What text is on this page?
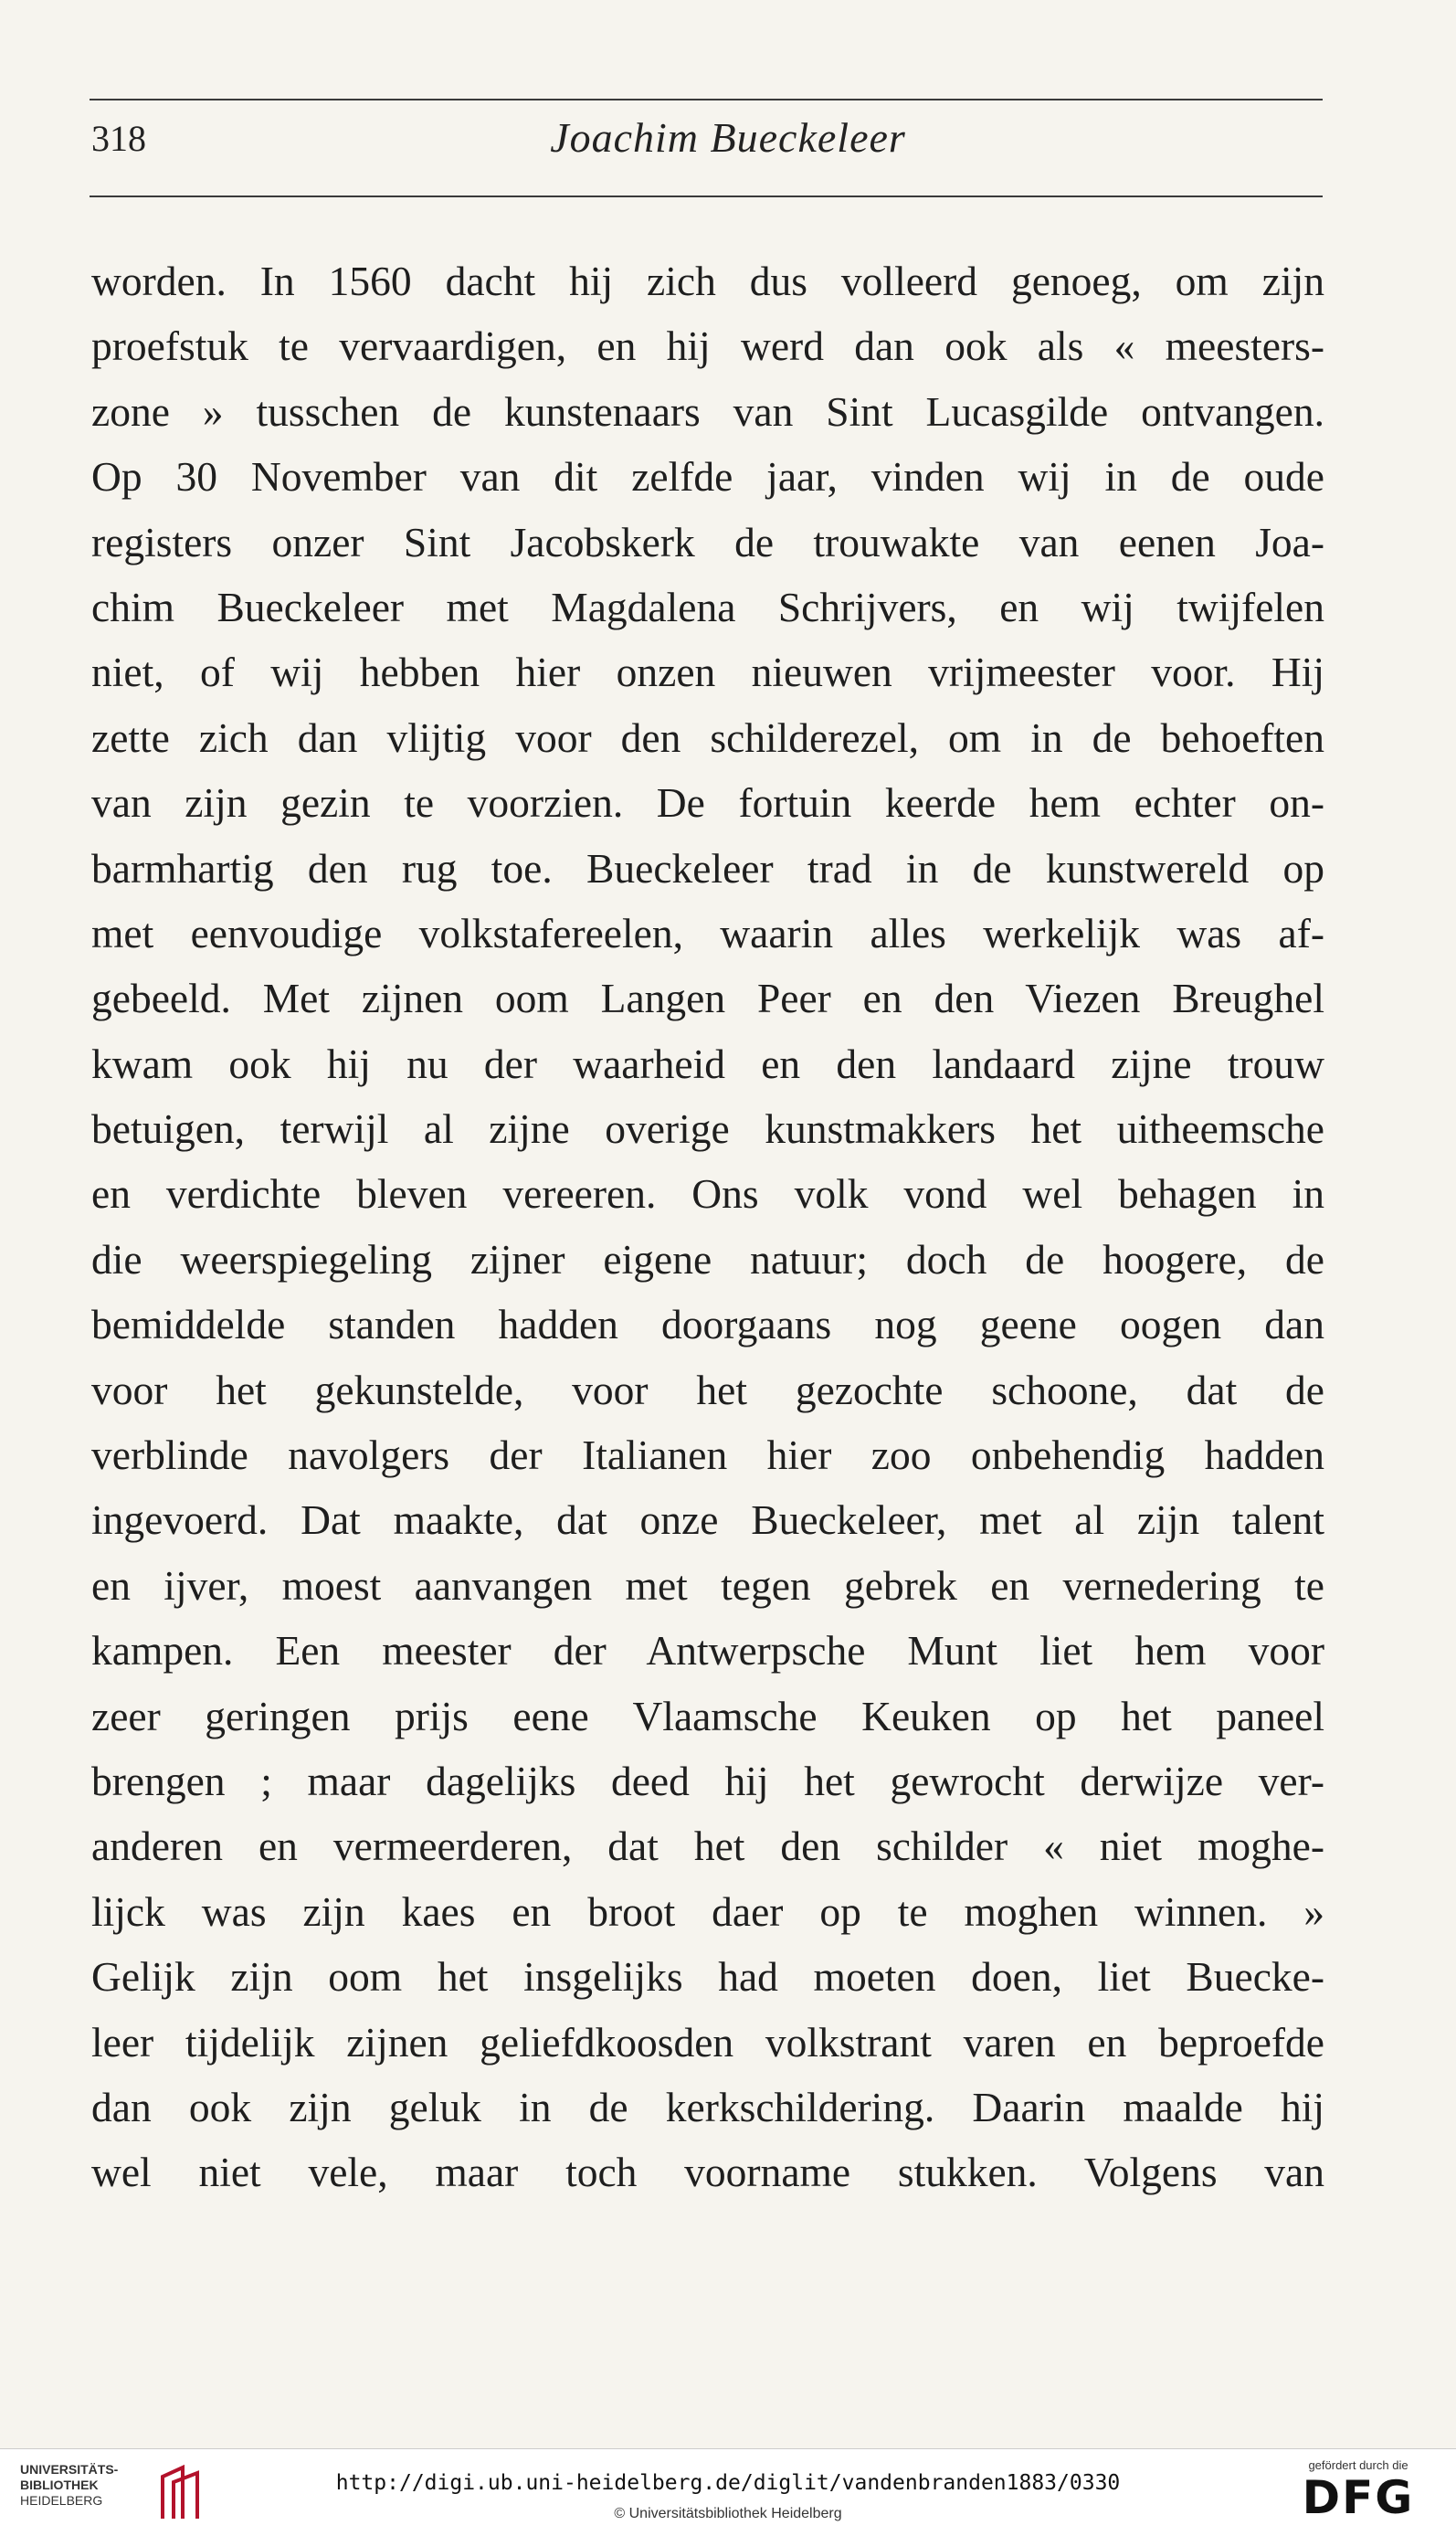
318	Joachim Bueckeleer
worden. In 1560 dacht hij zich dus volleerd genoeg, om zijn
proefstuk te vervaardigen, en hij werd dan ook als « meesters-
zone » tusschen de kunstenaars van Sint Lucasgilde ontvangen.
Op 30 November van dit zelfde jaar, vinden wij in de oude
registers onzer Sint Jacobskerk de trouwakte van eenen Joa-
chim Bueckeleer met Magdalena Schrijvers, en wij twijfelen
niet, of wij hebben hier onzen nieuwen vrijmeester voor. Hij
zette zich dan vlijtig voor den schilderezel, om in de behoeften
van zijn gezin te voorzien. De fortuin keerde hem echter on-
barmhartig den rug toe. Bueckeleer trad in de kunstwereld op
met eenvoudige volkstafereelen, waarin alles werkelijk was af-
gebeeld. Met zijnen oom Langen Peer en den Viezen Breughel
kwam ook hij nu der waarheid en den landaard zijne trouw
betuigen, terwijl al zijne overige kunstmakkers het uitheemsche
en verdichte bleven vereeren. Ons volk vond wel behagen in
die weerspiegeling zijner eigene natuur; doch de hoogere, de
bemiddelde standen hadden doorgaans nog geene oogen dan
voor het gekunstelde, voor het gezochte schoone, dat de
verblinde navolgers der Italianen hier zoo onbehendig hadden
ingevoerd. Dat maakte, dat onze Bueckeleer, met al zijn talent
en ijver, moest aanvangen met tegen gebrek en vernedering te
kampen. Een meester der Antwerpsche Munt liet hem voor
zeer geringen prijs eene Vlaamsche Keuken op het paneel
brengen ; maar dagelijks deed hij het gewrocht derwijze ver-
anderen en vermeerderen, dat het den schilder « niet moghe-
lijck was zijn kaes en broot daer op te moghen winnen. »
Gelijk zijn oom het insgelijks had moeten doen, liet Buecke-
leer tijdelijk zijnen geliefdkoosden volkstrant varen en beproefde
dan ook zijn geluk in de kerkschildering. Daarin maalde hij
wel niet vele, maar toch voorname stukken. Volgens van
UNIVERSITÄTS-
BIBLIOTHEK
HEIDELBERG
http://digi.ub.uni-heidelberg.de/diglit/vandenbranden1883/0330
© Universitätsbibliothek Heidelberg
gefördert durch die
DFG
